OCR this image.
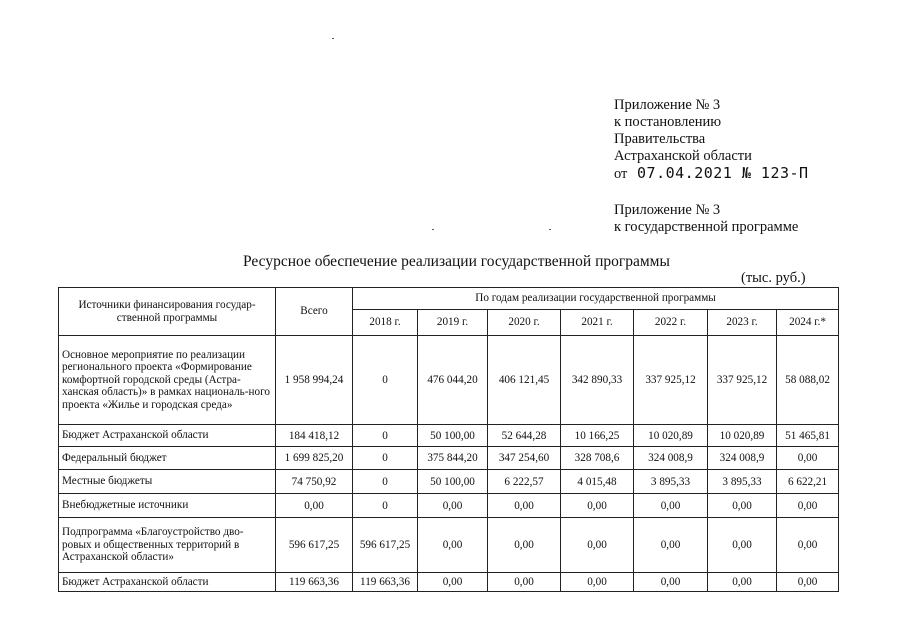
Приложение № 3
к постановлению
Правительства
Астраханской области
от 07.04.2021 № 123-П
Приложение № 3
к государственной программе
Ресурсное обеспечение реализации государственной программы
(тыс. руб.)
Источники финансирования государ-ственной программы	Всего	По годам реализации государственной программы						
		2018 г.	2019 г.	2020 г.	2021 г.	2022 г.	2023 г.	2024 г.*
Основное мероприятие по реализации регионального проекта «Формирование комфортной городской среды (Астра-ханская область)» в рамках националь-ного проекта «Жилье и городская среда»	1 958 994,24	0	476 044,20	406 121,45	342 890,33	337 925,12	337 925,12	58 088,02
Бюджет Астраханской области	184 418,12	0	50 100,00	52 644,28	10 166,25	10 020,89	10 020,89	51 465,81
Федеральный бюджет	1 699 825,20	0	375 844,20	347 254,60	328 708,6	324 008,9	324 008,9	0,00
Местные бюджеты	74 750,92	0	50 100,00	6 222,57	4 015,48	3 895,33	3 895,33	6 622,21
Внебюджетные источники	0,00	0	0,00	0,00	0,00	0,00	0,00	0,00
Подпрограмма «Благоустройство дво-ровых и общественных территорий в Астраханской области»	596 617,25	596 617,25	0,00	0,00	0,00	0,00	0,00	0,00
Бюджет Астраханской области	119 663,36	119 663,36	0,00	0,00	0,00	0,00	0,00	0,00
